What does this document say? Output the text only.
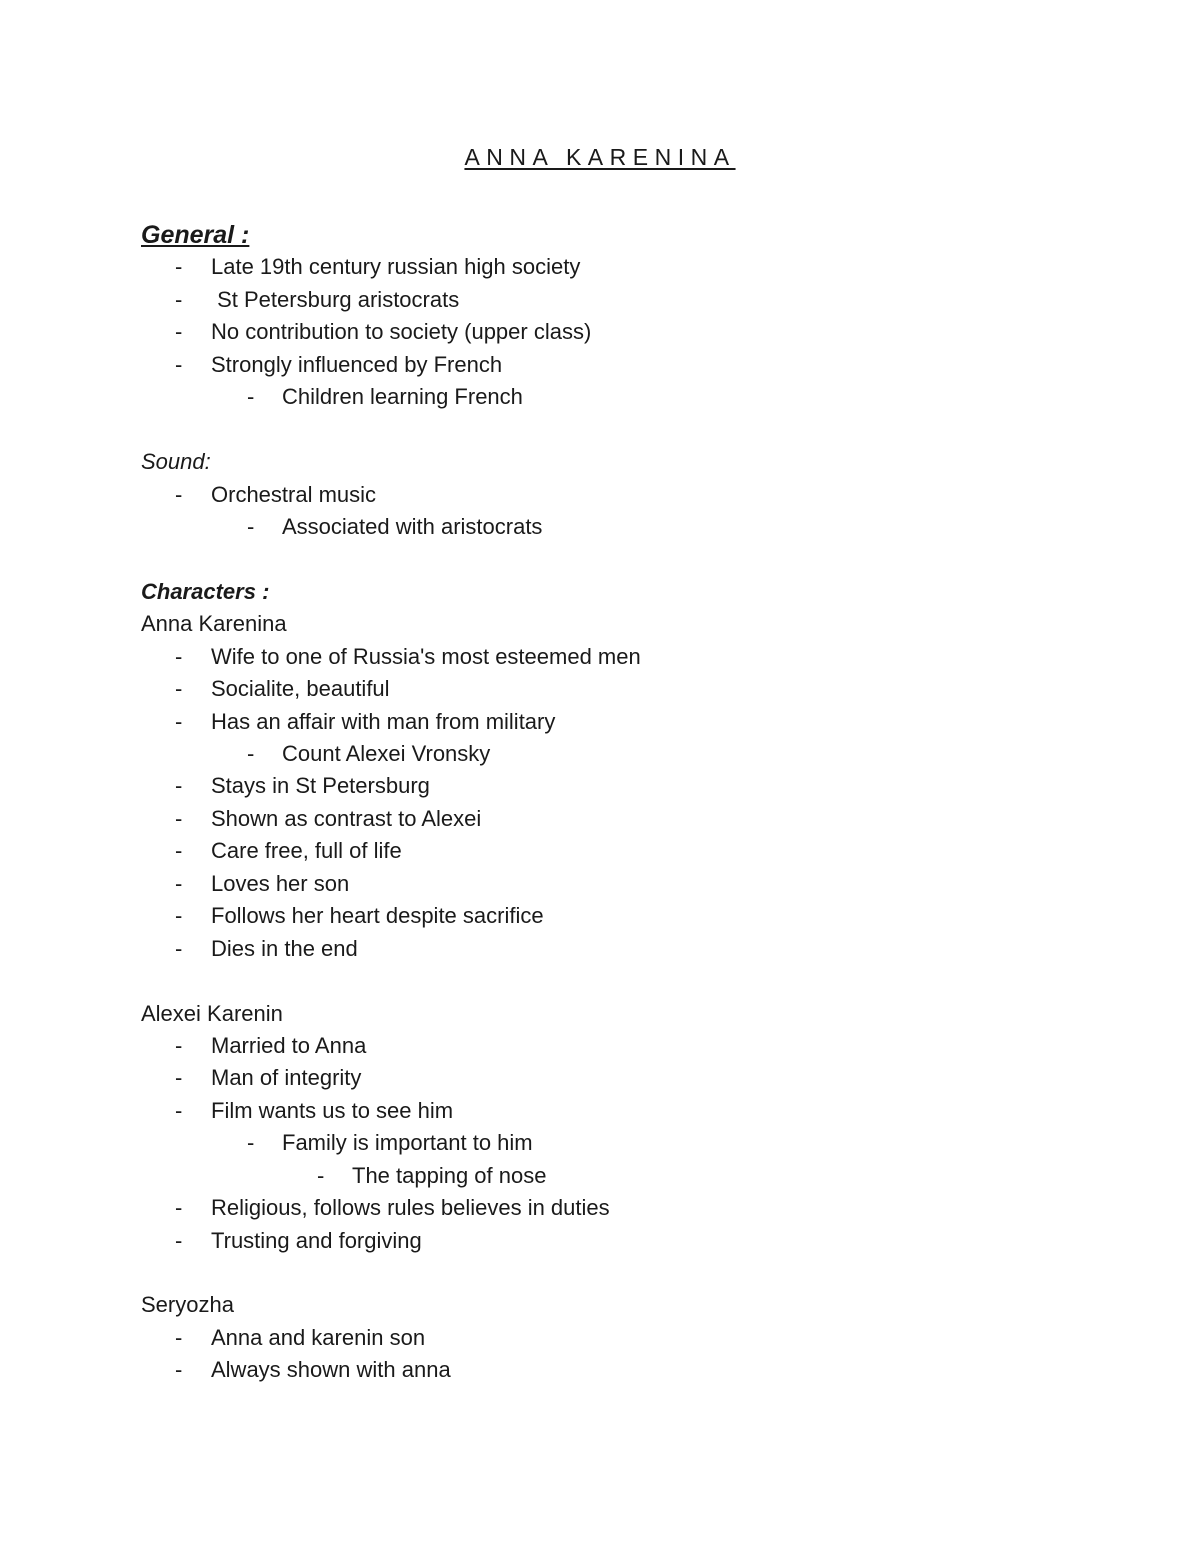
ANNA KARENINA
General :
- Late 19th century russian high society
- St Petersburg aristocrats
- No contribution to society (upper class)
- Strongly influenced by French
- Children learning French
Sound:
- Orchestral music
- Associated with aristocrats
Characters :
Anna Karenina
- Wife to one of Russia's most esteemed men
- Socialite, beautiful
- Has an affair with man from military
- Count Alexei Vronsky
- Stays in St Petersburg
- Shown as contrast to Alexei
- Care free, full of life
- Loves her son
- Follows her heart despite sacrifice
- Dies in the end
Alexei Karenin
- Married to Anna
- Man of integrity
- Film wants us to see him
- Family is important to him
- The tapping of nose
- Religious, follows rules believes in duties
- Trusting and forgiving
Seryozha
- Anna and karenin son
- Always shown with anna
